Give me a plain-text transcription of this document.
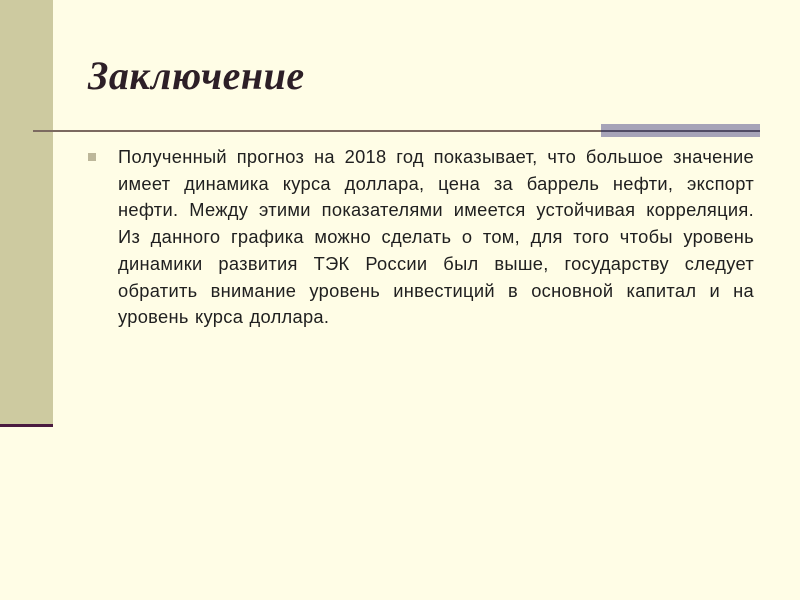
Заключение
Полученный прогноз на 2018 год показывает, что большое значение имеет динамика курса доллара, цена за баррель нефти, экспорт нефти. Между этими показателями имеется устойчивая корреляция. Из данного графика можно сделать о том, для того чтобы уровень динамики развития ТЭК России был выше, государству следует обратить внимание уровень инвестиций в основной капитал и на уровень курса доллара.
